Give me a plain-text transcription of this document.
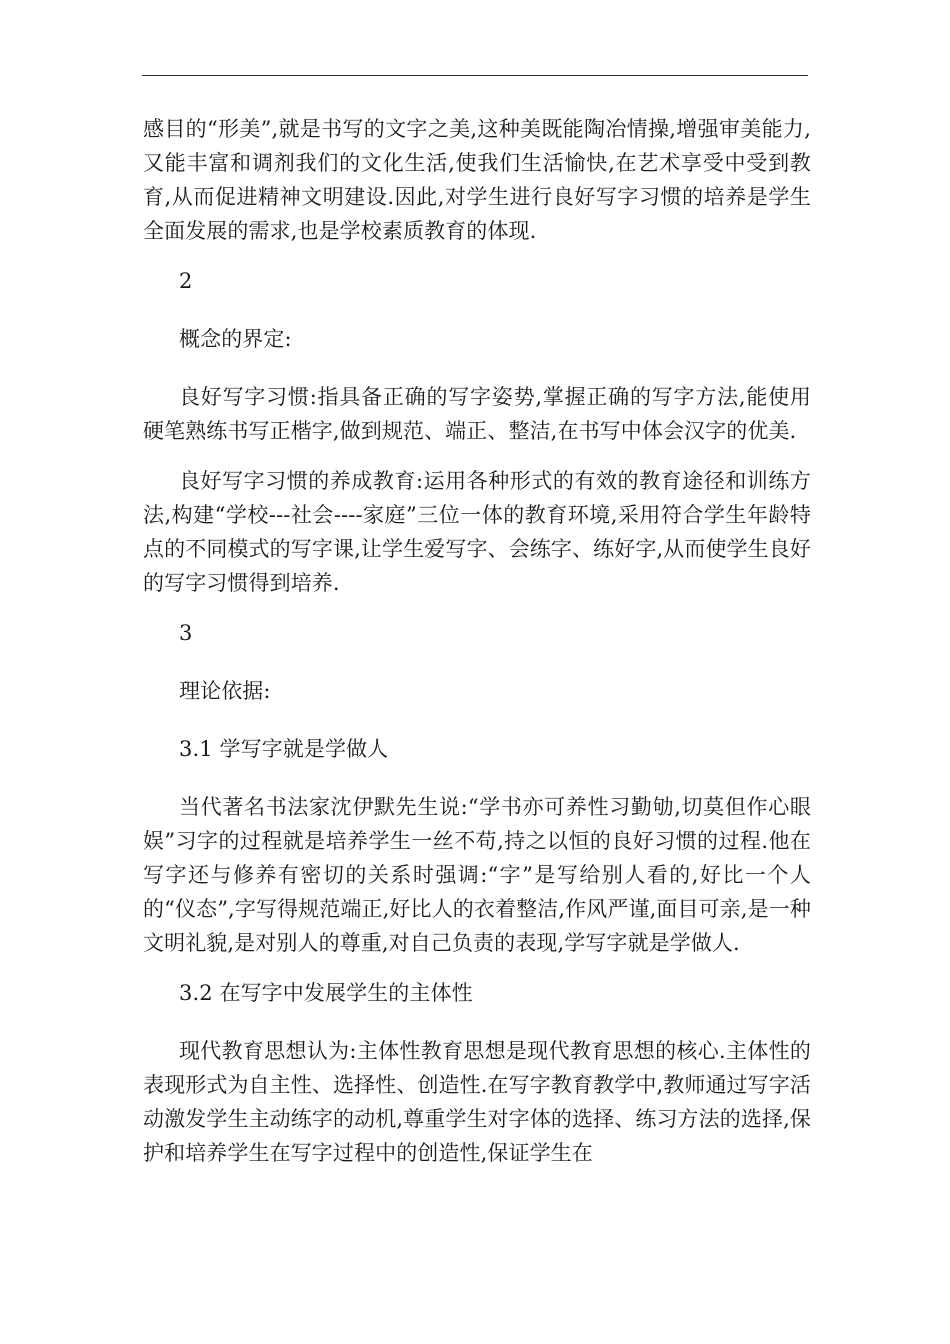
感目的“形美”,就是书写的文字之美,这种美既能陶冶情操,增强审美能力,又能丰富和调剂我们的文化生活,使我们生活愉快,在艺术享受中受到教育,从而促进精神文明建设.因此,对学生进行良好写字习惯的培养是学生全面发展的需求,也是学校素质教育的体现.

2

概念的界定:

良好写字习惯:指具备正确的写字姿势,掌握正确的写字方法,能使用硬笔熟练书写正楷字,做到规范、端正、整洁,在书写中体会汉字的优美.

良好写字习惯的养成教育:运用各种形式的有效的教育途径和训练方法,构建“学校---社会----家庭”三位一体的教育环境,采用符合学生年龄特点的不同模式的写字课,让学生爱写字、会练字、练好字,从而使学生良好的写字习惯得到培养.

3

理论依据:

3.1 学写字就是学做人

当代著名书法家沈伊默先生说:“学书亦可养性习勤劬,切莫但作心眼娱”习字的过程就是培养学生一丝不苟,持之以恒的良好习惯的过程.他在写字还与修养有密切的关系时强调:“字”是写给别人看的,好比一个人的“仪态”,字写得规范端正,好比人的衣着整洁,作风严谨,面目可亲,是一种文明礼貌,是对别人的尊重,对自己负责的表现,学写字就是学做人.

3.2 在写字中发展学生的主体性

现代教育思想认为:主体性教育思想是现代教育思想的核心.主体性的表现形式为自主性、选择性、创造性.在写字教育教学中,教师通过写字活动激发学生主动练字的动机,尊重学生对字体的选择、练习方法的选择,保护和培养学生在写字过程中的创造性,保证学生在
